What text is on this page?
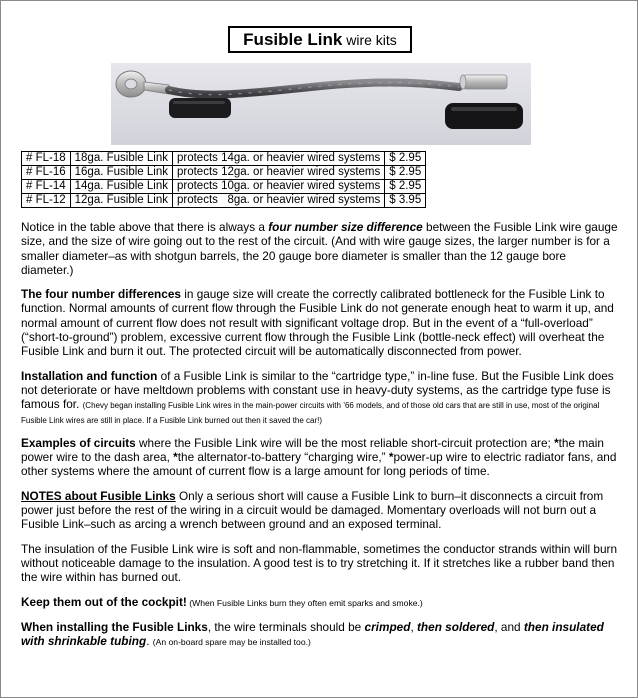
Fusible Link wire kits
# FL-18	18ga. Fusible Link	protects 14ga. or heavier wired systems	$ 2.95
# FL-16	16ga. Fusible Link	protects 12ga. or heavier wired systems	$ 2.95
# FL-14	14ga. Fusible Link	protects 10ga. or heavier wired systems	$ 2.95
# FL-12	12ga. Fusible Link	protects   8ga. or heavier wired systems	$ 3.95

Notice in the table above that there is always a four number size difference between the Fusible Link wire gauge size, and the size of wire going out to the rest of the circuit. (And with wire gauge sizes, the larger number is for a smaller diameter–as with shotgun barrels, the 20 gauge bore diameter is smaller than the 12 gauge bore diameter.)

The four number differences in gauge size will create the correctly calibrated bottleneck for the Fusible Link to function. Normal amounts of current flow through the Fusible Link do not generate enough heat to warm it up, and normal amount of current flow does not result with significant voltage drop. But in the event of a “full-overload” (“short-to-ground”) problem, excessive current flow through the Fusible Link (bottle-neck effect) will overheat the Fusible Link and burn it out. The protected circuit will be automatically disconnected from power.

Installation and function of a Fusible Link is similar to the “cartridge type,” in-line fuse. But the Fusible Link does not deteriorate or have meltdown problems with constant use in heavy-duty systems, as the cartridge type fuse is famous for. (Chevy began installing Fusible Link wires in the main-power circuits with ’66 models, and of those old cars that are still in use, most of the original Fusible Link wires are still in place. If a Fusible Link burned out then it saved the car!)

Examples of circuits where the Fusible Link wire will be the most reliable short-circuit protection are; *the main power wire to the dash area, *the alternator-to-battery “charging wire,” *power-up wire to electric radiator fans, and other systems where the amount of current flow is a large amount for long periods of time.

NOTES about Fusible Links Only a serious short will cause a Fusible Link to burn–it disconnects a circuit from power just before the rest of the wiring in a circuit would be damaged. Momentary overloads will not burn out a Fusible Link–such as arcing a wrench between ground and an exposed terminal.

The insulation of the Fusible Link wire is soft and non-flammable, sometimes the conductor strands within will burn without noticeable damage to the insulation. A good test is to try stretching it. If it stretches like a rubber band then the wire within has burned out.

Keep them out of the cockpit! (When Fusible Links burn they often emit sparks and smoke.)

When installing the Fusible Links, the wire terminals should be crimped, then soldered, and then insulated with shrinkable tubing. (An on-board spare may be installed too.)
